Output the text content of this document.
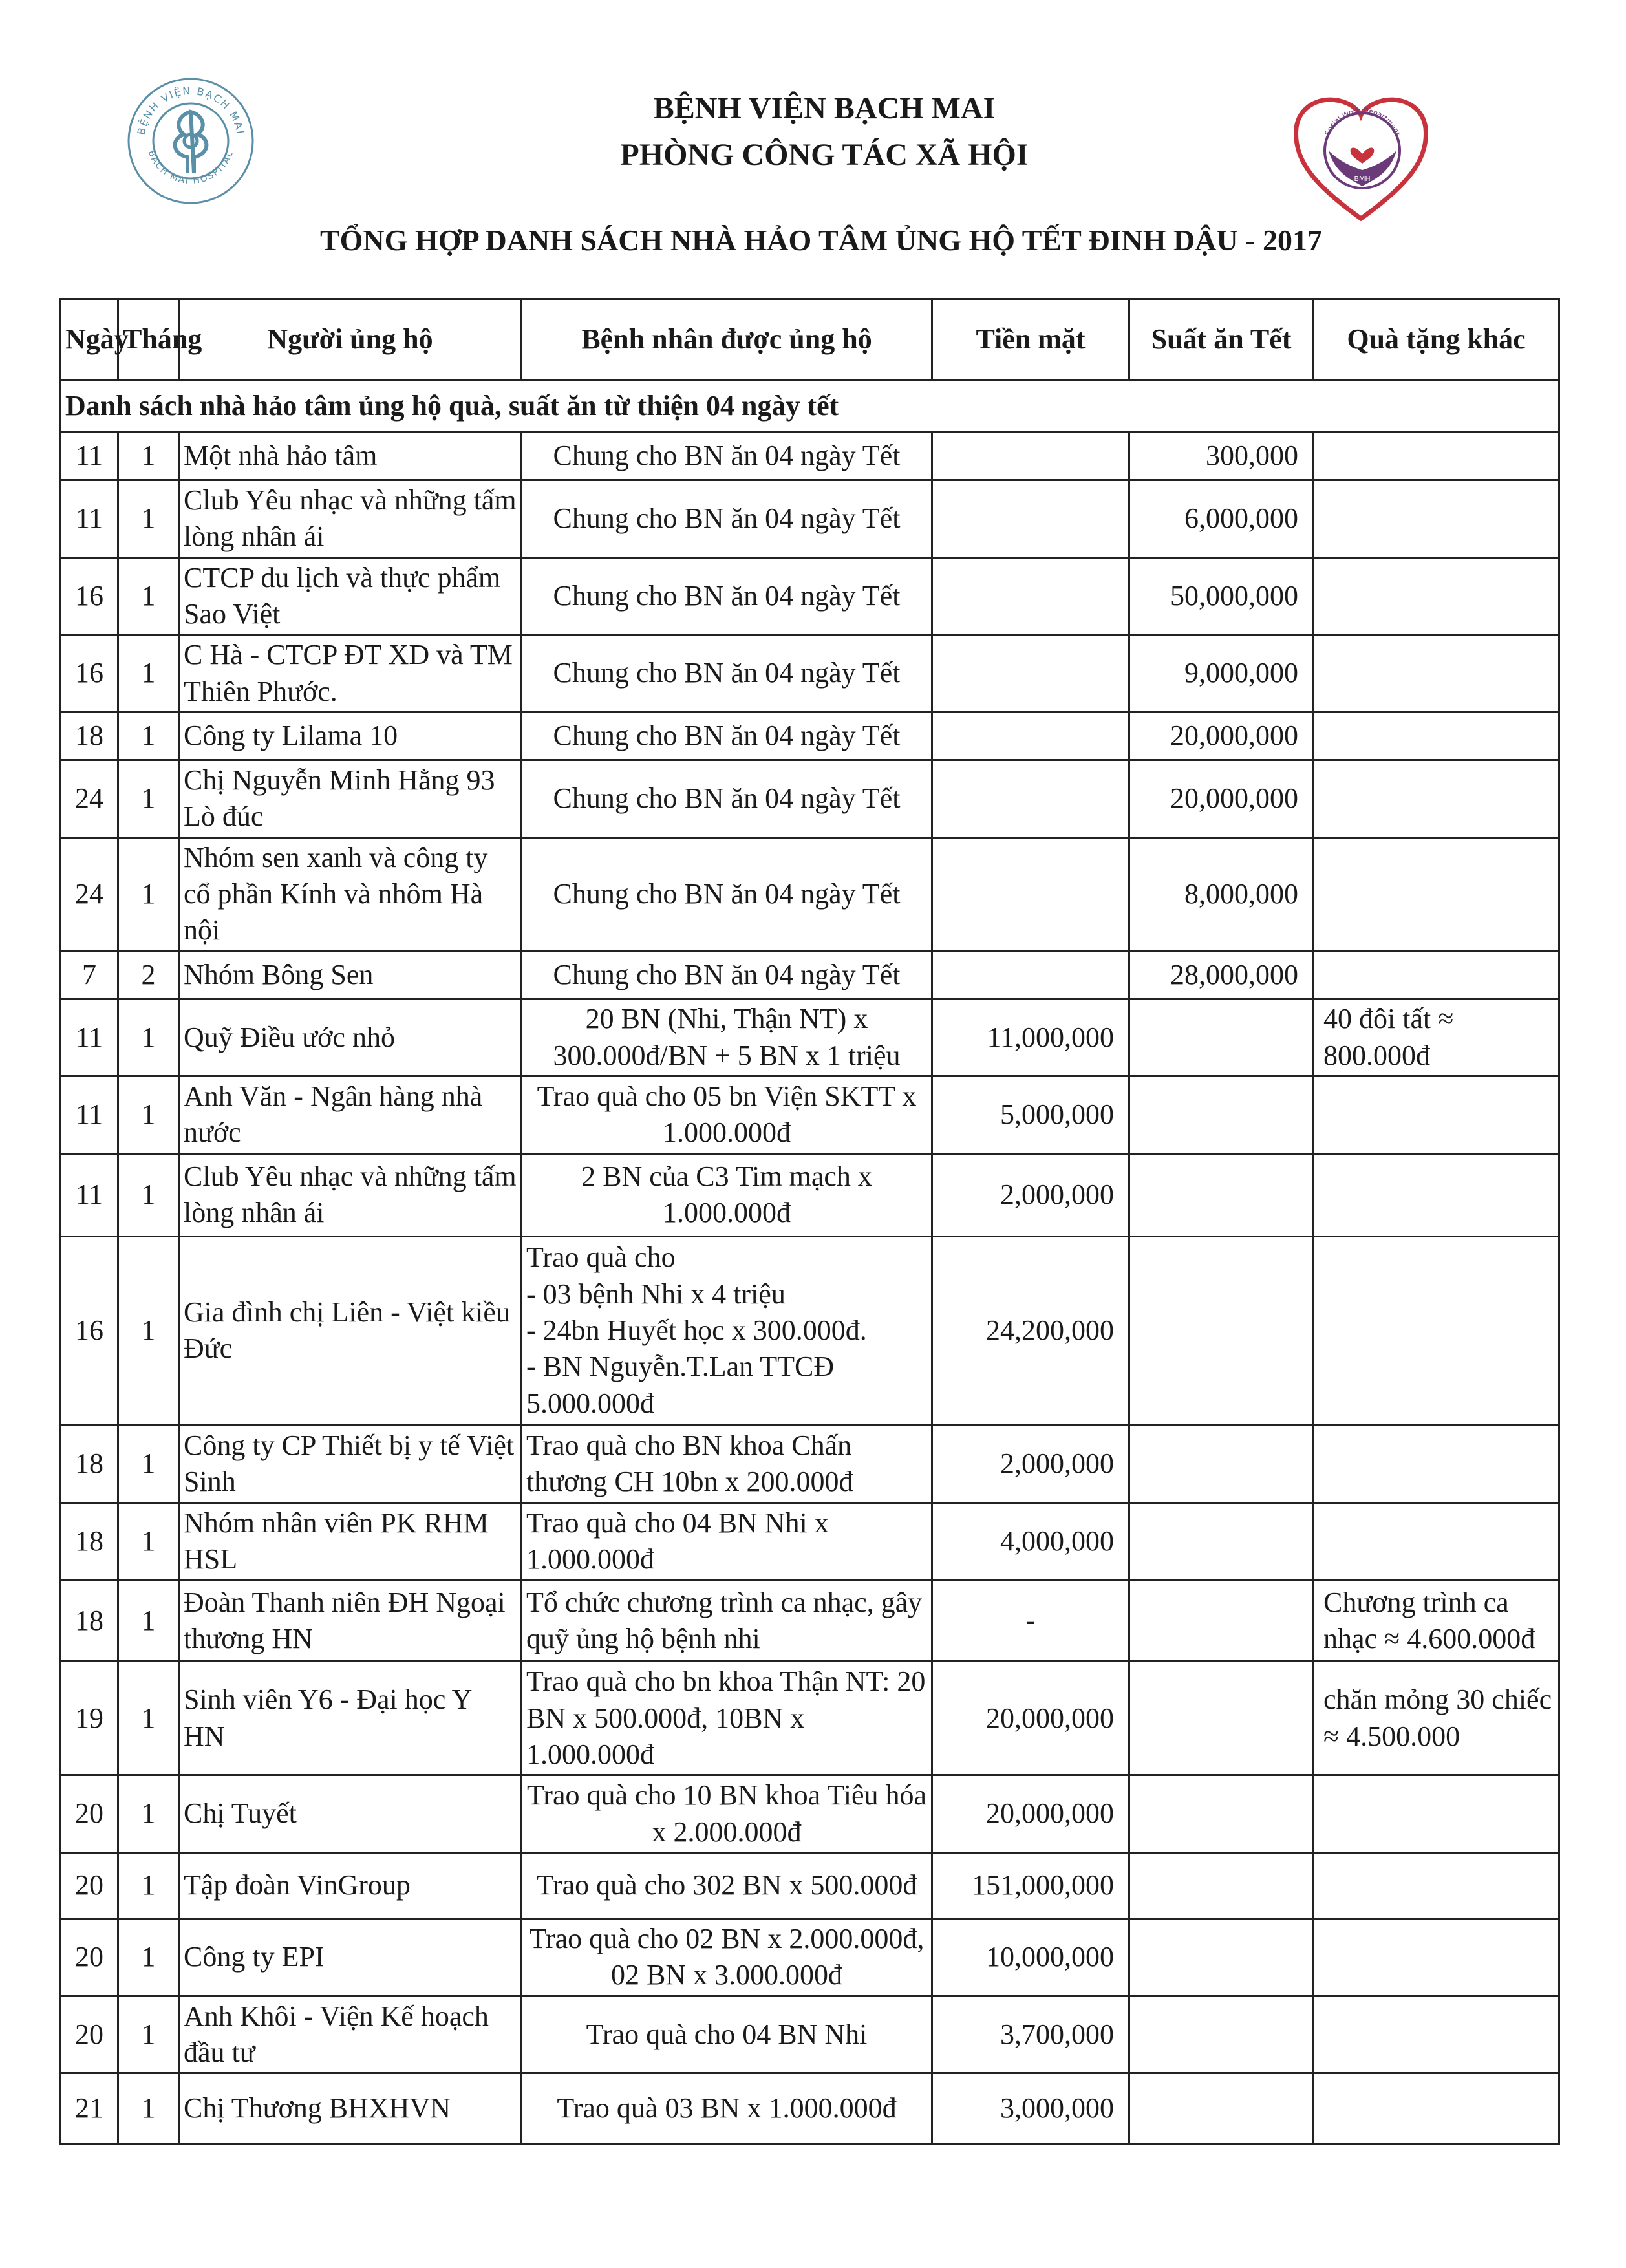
BỆNH VIỆN BẠCH MAI
BACH MAI HOSPITAL
Social Work Department
BMH
BỆNH VIỆN BẠCH MAI
PHÒNG CÔNG TÁC XÃ HỘI
TỔNG HỢP DANH SÁCH NHÀ HẢO TÂM ỦNG HỘ TẾT ĐINH DẬU - 2017
Ngày	Tháng	Người ủng hộ	Bệnh nhân được ủng hộ	Tiền mặt	Suất ăn Tết	Quà tặng khác
Danh sách nhà hảo tâm ủng hộ quà, suất ăn từ thiện 04 ngày tết						
11	1	Một nhà hảo tâm	Chung cho BN ăn 04 ngày Tết		300,000	
11	1	Club Yêu nhạc và những tấm lòng nhân ái	Chung cho BN ăn 04 ngày Tết		6,000,000	
16	1	CTCP du lịch và thực phẩm Sao Việt	Chung cho BN ăn 04 ngày Tết		50,000,000	
16	1	C Hà - CTCP ĐT XD và TM Thiên Phước.	Chung cho BN ăn 04 ngày Tết		9,000,000	
18	1	Công ty Lilama 10	Chung cho BN ăn 04 ngày Tết		20,000,000	
24	1	Chị Nguyễn Minh Hằng 93 Lò đúc	Chung cho BN ăn 04 ngày Tết		20,000,000	
24	1	Nhóm sen xanh và công ty cổ phần Kính và nhôm Hà nội	Chung cho BN ăn 04 ngày Tết		8,000,000	
7	2	Nhóm Bông Sen	Chung cho BN ăn 04 ngày Tết		28,000,000	
11	1	Quỹ Điều ước nhỏ	20 BN (Nhi, Thận NT) x 300.000đ/BN + 5 BN x 1 triệu	11,000,000		40 đôi tất ≈ 800.000đ
11	1	Anh Văn - Ngân hàng nhà nước	Trao quà cho 05 bn Viện SKTT x 1.000.000đ	5,000,000		
11	1	Club Yêu nhạc và những tấm lòng nhân ái	2 BN của C3 Tim mạch x 1.000.000đ	2,000,000		
16	1	Gia đình chị Liên - Việt kiều Đức	Trao quà cho
- 03 bệnh Nhi x 4 triệu
- 24bn Huyết học x 300.000đ.
- BN Nguyễn.T.Lan TTCĐ 5.000.000đ	24,200,000		
18	1	Công ty CP Thiết bị y tế Việt Sinh	Trao quà cho BN khoa Chấn thương CH 10bn x 200.000đ	2,000,000		
18	1	Nhóm nhân viên PK RHM HSL	Trao quà cho 04 BN Nhi x 1.000.000đ	4,000,000		
18	1	Đoàn Thanh niên ĐH Ngoại thương HN	Tổ chức chương trình ca nhạc, gây quỹ ủng hộ bệnh nhi	-		Chương trình ca nhạc ≈ 4.600.000đ
19	1	Sinh viên Y6 - Đại học Y HN	Trao quà cho bn khoa Thận NT: 20 BN x 500.000đ, 10BN x 1.000.000đ	20,000,000		chăn mỏng 30 chiếc ≈ 4.500.000
20	1	Chị Tuyết	Trao quà cho 10 BN khoa Tiêu hóa x 2.000.000đ	20,000,000		
20	1	Tập đoàn VinGroup	Trao quà cho 302 BN x 500.000đ	151,000,000		
20	1	Công ty EPI	Trao quà cho 02 BN x 2.000.000đ, 02 BN x 3.000.000đ	10,000,000		
20	1	Anh Khôi - Viện Kế hoạch đầu tư	Trao quà cho 04 BN Nhi	3,700,000		
21	1	Chị Thương BHXHVN	Trao quà 03 BN x 1.000.000đ	3,000,000		
